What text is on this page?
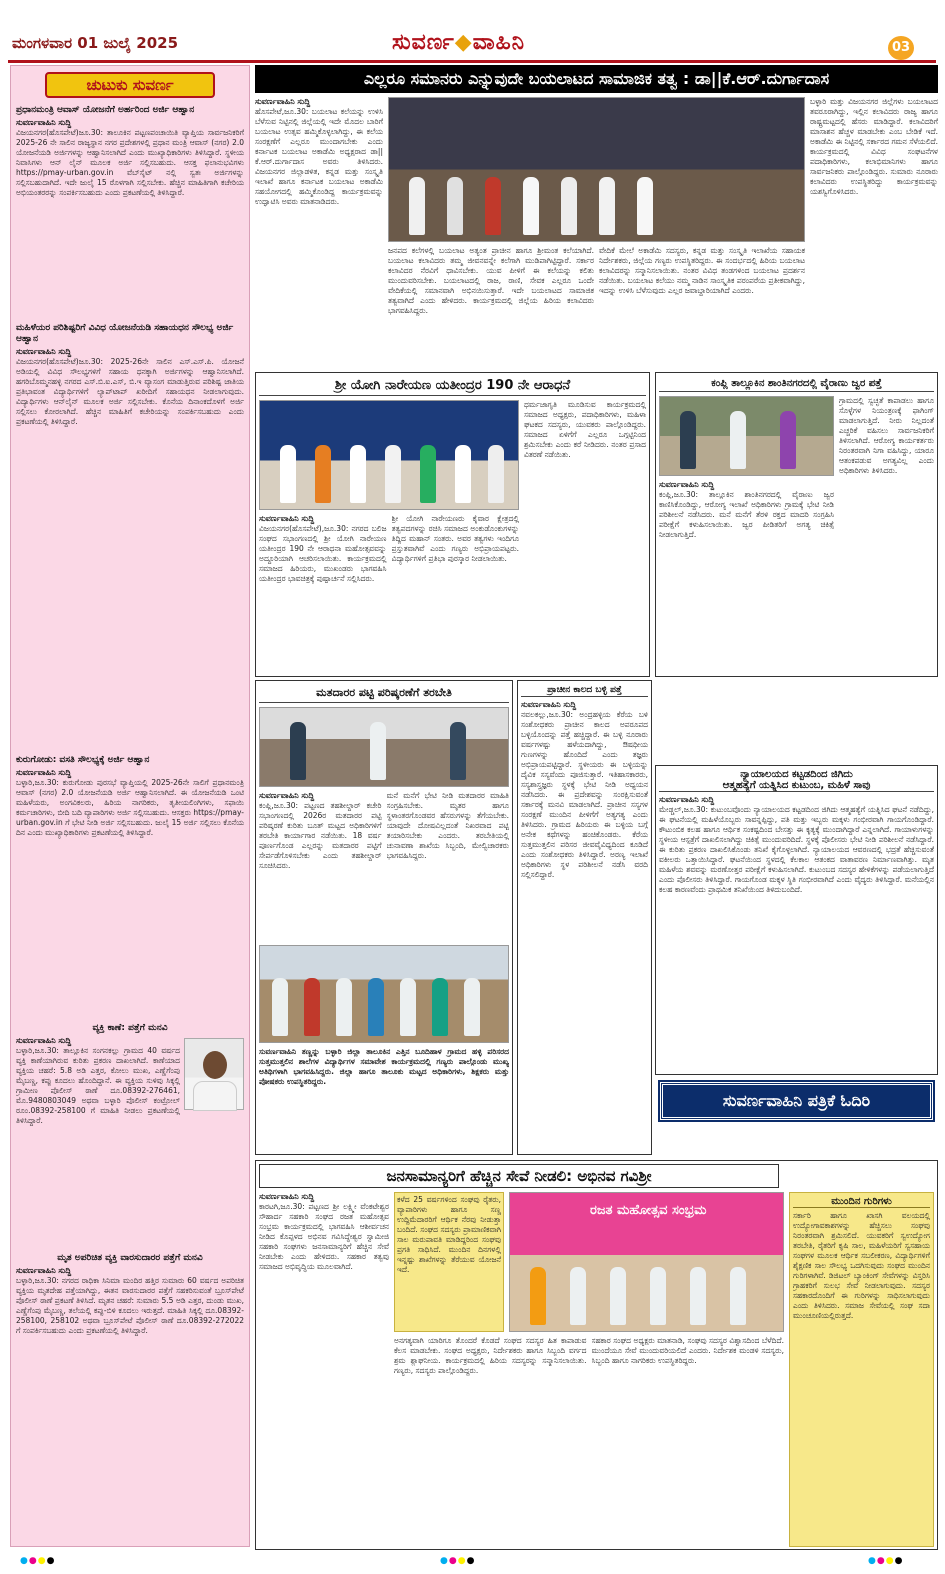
ಮಂಗಳವಾರ 01 ಜುಲೈ 2025	ಸುವರ್ಣ◆ವಾಹಿನಿ	03
ಚುಟುಕು ಸುವರ್ಣ
ಪ್ರಧಾನಮಂತ್ರಿ ಆವಾಸ್ ಯೋಜನೆಗೆ ಅರ್ಹರಿಂದ ಅರ್ಜಿ ಆಹ್ವಾನ
ಸುವರ್ಣವಾಹಿನಿ ಸುದ್ದಿ
ವಿಜಯನಗರ(ಹೊಸಪೇಟೆ)ಜೂ.30: ತಾಲೂಕಿನ ಪಟ್ಟಣಪಂಚಾಯಿತಿ ವ್ಯಾಪ್ತಿಯ ಸಾರ್ವಜನಿಕರಿಗೆ 2025-26 ನೇ ಸಾಲಿನ ರಾಜ್ಯಸ್ಥಾನ ನಗರ ಪ್ರದೇಶಗಳಲ್ಲಿ ಪ್ರಧಾನ ಮಂತ್ರಿ ಆವಾಸ್ (ನಗರ) 2.0 ಯೋಜನೆಯಡಿ ಅರ್ಜಿಗಳನ್ನು ಆಹ್ವಾನಿಸಲಾಗಿದೆ ಎಂದು ಮುಖ್ಯಾಧಿಕಾರಿಗಳು ತಿಳಿಸಿದ್ದಾರೆ. ಸ್ಥಳೀಯ ನಿವಾಸಿಗಳು ಆನ್ ಲೈನ್ ಮೂಲಕ ಅರ್ಜಿ ಸಲ್ಲಿಸಬಹುದು. ಆಸಕ್ತ ಫಲಾನುಭವಿಗಳು https://pmay-urban.gov.in ವೆಬ್‌ಸೈಟ್ ನಲ್ಲಿ ಸ್ವತಃ ಅರ್ಜಿಗಳನ್ನು ಸಲ್ಲಿಸಬಹುದಾಗಿದೆ. ಇದೇ ಜುಲೈ 15 ರೊಳಗಾಗಿ ಸಲ್ಲಿಸಬೇಕು. ಹೆಚ್ಚಿನ ಮಾಹಿತಿಗಾಗಿ ಕಚೇರಿಯ ಅಭಿಯಂತರರನ್ನು ಸಂಪರ್ಕಿಸಬಹುದು ಎಂದು ಪ್ರಕಟಣೆಯಲ್ಲಿ ತಿಳಿಸಿದ್ದಾರೆ.
ಮಹಿಳೆಯರ ಪರಿಶಿಷ್ಟರಿಗೆ ವಿವಿಧ ಯೋಜನೆಯಡಿ ಸಹಾಯಧನ ಸೌಲಭ್ಯ ಅರ್ಜಿ ಆಹ್ವಾನ
ಸುವರ್ಣವಾಹಿನಿ ಸುದ್ದಿ
ವಿಜಯನಗರ(ಹೊಸಪೇಟೆ)ಜೂ.30: 2025-26ನೇ ಸಾಲಿನ ಎಸ್.ಎಸ್.ಪಿ. ಯೋಜನೆ ಅಡಿಯಲ್ಲಿ ವಿವಿಧ ಸೌಲಭ್ಯಗಳಿಗೆ ಸಹಾಯ ಧನಕ್ಕಾಗಿ ಅರ್ಜಿಗಳನ್ನು ಆಹ್ವಾನಿಸಲಾಗಿದೆ. ಹಗರಿಬೊಮ್ಮನಹಳ್ಳಿ ನಗರದ ಎಸ್.ಬಿ.ಐ.ಎಸ್, ಬಿ.ಇ ವ್ಯಾಸಂಗ ಮಾಡುತ್ತಿರುವ ಪರಿಶಿಷ್ಟ ಜಾತಿಯ ಪ್ರತಿಭಾವಂತ ವಿದ್ಯಾರ್ಥಿಗಳಿಗೆ ಲ್ಯಾಪ್‌ಟಾಪ್ ಖರೀದಿಗೆ ಸಹಾಯಧನ ನೀಡಲಾಗುವುದು. ವಿದ್ಯಾರ್ಥಿಗಳು ಆನ್‌ಲೈನ್ ಮೂಲಕ ಅರ್ಜಿ ಸಲ್ಲಿಸಬೇಕು. ಕೊನೆಯ ದಿನಾಂಕದೊಳಗೆ ಅರ್ಜಿ ಸಲ್ಲಿಸಲು ಕೋರಲಾಗಿದೆ. ಹೆಚ್ಚಿನ ಮಾಹಿತಿಗೆ ಕಚೇರಿಯನ್ನು ಸಂಪರ್ಕಿಸಬಹುದು ಎಂದು ಪ್ರಕಟಣೆಯಲ್ಲಿ ತಿಳಿಸಿದ್ದಾರೆ.
ಕುರುಗೋಡು: ವಸತಿ ಸೌಲಭ್ಯಕ್ಕೆ ಅರ್ಜಿ ಆಹ್ವಾನ
ಸುವರ್ಣವಾಹಿನಿ ಸುದ್ದಿ
ಬಳ್ಳಾರಿ,ಜೂ.30: ಕುರುಗೋಡು ಪುರಸಭೆ ವ್ಯಾಪ್ತಿಯಲ್ಲಿ 2025-26ನೇ ಸಾಲಿಗೆ ಪ್ರಧಾನಮಂತ್ರಿ ಆವಾಸ್ (ನಗರ) 2.0 ಯೋಜನೆಯಡಿ ಅರ್ಜಿ ಆಹ್ವಾನಿಸಲಾಗಿದೆ. ಈ ಯೋಜನೆಯಡಿ ಒಂಟಿ ಮಹಿಳೆಯರು, ಅಂಗವಿಕಲರು, ಹಿರಿಯ ನಾಗರಿಕರು, ತೃತೀಯಲಿಂಗಿಗಳು, ಸಫಾಯಿ ಕರ್ಮಚಾರಿಗಳು, ಬೀದಿ ಬದಿ ವ್ಯಾಪಾರಿಗಳು ಅರ್ಜಿ ಸಲ್ಲಿಸಬಹುದು. ಆಸಕ್ತರು https://pmay-urban.gov.in ಗೆ ಭೇಟಿ ನೀಡಿ ಅರ್ಜಿ ಸಲ್ಲಿಸಬಹುದು. ಜುಲೈ 15 ಅರ್ಜಿ ಸಲ್ಲಿಸಲು ಕೊನೆಯ ದಿನ ಎಂದು ಮುಖ್ಯಾಧಿಕಾರಿಗಳು ಪ್ರಕಟಣೆಯಲ್ಲಿ ತಿಳಿಸಿದ್ದಾರೆ.
ವ್ಯಕ್ತಿ ಕಾಣೆ: ಪತ್ತೆಗೆ ಮನವಿ
ಸುವರ್ಣವಾಹಿನಿ ಸುದ್ದಿ
ಬಳ್ಳಾರಿ,ಜೂ.30: ತಾಲ್ಲೂಕಿನ ಸಂಗನಕಲ್ಲು ಗ್ರಾಮದ 40 ವರ್ಷದ ವ್ಯಕ್ತಿ ಕಾಣೆಯಾಗಿರುವ ಕುರಿತು ಪ್ರಕರಣ ದಾಖಲಾಗಿದೆ. ಕಾಣೆಯಾದ ವ್ಯಕ್ತಿಯ ಚಹರೆ: 5.8 ಅಡಿ ಎತ್ತರ, ಕೋಲು ಮುಖ, ಎಣ್ಣೆಗೆಂಪು ಮೈಬಣ್ಣ, ಕಪ್ಪು ಕೂದಲು ಹೊಂದಿದ್ದಾನೆ. ಈ ವ್ಯಕ್ತಿಯ ಸುಳಿವು ಸಿಕ್ಕಲ್ಲಿ ಗ್ರಾಮೀಣ ಪೊಲೀಸ್ ಠಾಣೆ ದೂ.08392-276461, ಮೊ.9480803049 ಅಥವಾ ಬಳ್ಳಾರಿ ಪೊಲೀಸ್ ಕಂಟ್ರೋಲ್ ರೂಂ.08392-258100 ಗೆ ಮಾಹಿತಿ ನೀಡಲು ಪ್ರಕಟಣೆಯಲ್ಲಿ ತಿಳಿಸಿದ್ದಾರೆ.
ಮೃತ ಅಪರಿಚಿತ ವ್ಯಕ್ತಿ ವಾರಸುದಾರರ ಪತ್ತೆಗೆ ಮನವಿ
ಸುವರ್ಣವಾಹಿನಿ ಸುದ್ದಿ
ಬಳ್ಳಾರಿ,ಜೂ.30: ನಗರದ ರಾಧಿಕಾ ಸಿನಿಮಾ ಮಂದಿರ ಹತ್ತಿರ ಸುಮಾರು 60 ವರ್ಷದ ಅಪರಿಚಿತ ವ್ಯಕ್ತಿಯ ಮೃತದೇಹ ಪತ್ತೆಯಾಗಿದ್ದು, ಈತನ ವಾರಸುದಾರರ ಪತ್ತೆಗೆ ಸಹಕರಿಸುವಂತೆ ಬ್ರೂಸ್‌ಪೇಟೆ ಪೊಲೀಸ್ ಠಾಣೆ ಪ್ರಕಟಣೆ ತಿಳಿಸಿದೆ. ಮೃತನ ಚಹರೆ: ಸುಮಾರು 5.5 ಅಡಿ ಎತ್ತರ, ದುಂಡು ಮುಖ, ಎಣ್ಣೆಗೆಂಪು ಮೈಬಣ್ಣ, ತಲೆಯಲ್ಲಿ ಕಪ್ಪು-ಬಿಳಿ ಕೂದಲು ಇರುತ್ತದೆ. ಮಾಹಿತಿ ಸಿಕ್ಕಲ್ಲಿ ದೂ.08392-258100, 258102 ಅಥವಾ ಬ್ರೂಸ್‌ಪೇಟೆ ಪೊಲೀಸ್ ಠಾಣೆ ದೂ.08392-272022 ಗೆ ಸಂಪರ್ಕಿಸಬಹುದು ಎಂದು ಪ್ರಕಟಣೆಯಲ್ಲಿ ತಿಳಿಸಿದ್ದಾರೆ.
ಎಲ್ಲರೂ ಸಮಾನರು ಎನ್ನುವುದೇ ಬಯಲಾಟದ ಸಾಮಾಜಿಕ ತತ್ವ : ಡಾ||ಕೆ.ಆರ್.ದುರ್ಗಾದಾಸ
ಸುವರ್ಣವಾಹಿನಿ ಸುದ್ದಿ
ಹೊಸಪೇಟೆ,ಜೂ.30: ಬಯಲಾಟ ಕಲೆಯನ್ನು ಉಳಿಸಿ ಬೆಳೆಸುವ ನಿಟ್ಟಿನಲ್ಲಿ ಜಿಲ್ಲೆಯಲ್ಲಿ ಇದೇ ಮೊದಲ ಬಾರಿಗೆ ಬಯಲಾಟ ಉತ್ಸವ ಹಮ್ಮಿಕೊಳ್ಳಲಾಗಿದ್ದು, ಈ ಕಲೆಯ ಸಂರಕ್ಷಣೆಗೆ ಎಲ್ಲರೂ ಮುಂದಾಗಬೇಕು ಎಂದು ಕರ್ನಾಟಕ ಬಯಲಾಟ ಅಕಾಡೆಮಿ ಅಧ್ಯಕ್ಷರಾದ ಡಾ||ಕೆ.ಆರ್.ದುರ್ಗಾದಾಸ ಅವರು ತಿಳಿಸಿದರು. ವಿಜಯನಗರ ಜಿಲ್ಲಾಡಳಿತ, ಕನ್ನಡ ಮತ್ತು ಸಂಸ್ಕೃತಿ ಇಲಾಖೆ ಹಾಗೂ ಕರ್ನಾಟಕ ಬಯಲಾಟ ಅಕಾಡೆಮಿ ಸಹಯೋಗದಲ್ಲಿ ಹಮ್ಮಿಕೊಂಡಿದ್ದ ಕಾರ್ಯಕ್ರಮವನ್ನು ಉದ್ಘಾಟಿಸಿ ಅವರು ಮಾತನಾಡಿದರು.
ಜನಪದ ಕಲೆಗಳಲ್ಲಿ ಬಯಲಾಟ ಅತ್ಯಂತ ಪ್ರಾಚೀನ ಹಾಗೂ ಶ್ರೀಮಂತ ಕಲೆಯಾಗಿದೆ. ಬಯಲಾಟ ಕಲಾವಿದರು ತಮ್ಮ ಜೀವನವನ್ನೇ ಕಲೆಗಾಗಿ ಮುಡಿಪಾಗಿಟ್ಟಿದ್ದಾರೆ. ಸರ್ಕಾರ ಕಲಾವಿದರ ನೆರವಿಗೆ ಧಾವಿಸಬೇಕು. ಯುವ ಪೀಳಿಗೆ ಈ ಕಲೆಯನ್ನು ಕಲಿತು ಮುಂದುವರಿಸಬೇಕು. ಬಯಲಾಟದಲ್ಲಿ ರಾಜ, ರಾಣಿ, ಸೇವಕ ಎಲ್ಲರೂ ಒಂದೇ ವೇದಿಕೆಯಲ್ಲಿ ಸಮಾನವಾಗಿ ಅಭಿನಯಿಸುತ್ತಾರೆ. ಇದೇ ಬಯಲಾಟದ ಸಾಮಾಜಿಕ ತತ್ವವಾಗಿದೆ ಎಂದು ಹೇಳಿದರು. ಕಾರ್ಯಕ್ರಮದಲ್ಲಿ ಜಿಲ್ಲೆಯ ಹಿರಿಯ ಕಲಾವಿದರು ಭಾಗವಹಿಸಿದ್ದರು.
ವೇದಿಕೆ ಮೇಲೆ ಅಕಾಡೆಮಿ ಸದಸ್ಯರು, ಕನ್ನಡ ಮತ್ತು ಸಂಸ್ಕೃತಿ ಇಲಾಖೆಯ ಸಹಾಯಕ ನಿರ್ದೇಶಕರು, ಜಿಲ್ಲೆಯ ಗಣ್ಯರು ಉಪಸ್ಥಿತರಿದ್ದರು. ಈ ಸಂದರ್ಭದಲ್ಲಿ ಹಿರಿಯ ಬಯಲಾಟ ಕಲಾವಿದರನ್ನು ಸನ್ಮಾನಿಸಲಾಯಿತು. ನಂತರ ವಿವಿಧ ತಂಡಗಳಿಂದ ಬಯಲಾಟ ಪ್ರದರ್ಶನ ನಡೆಯಿತು. ಬಯಲಾಟ ಕಲೆಯು ನಮ್ಮ ನಾಡಿನ ಸಾಂಸ್ಕೃತಿಕ ಪರಂಪರೆಯ ಪ್ರತೀಕವಾಗಿದ್ದು, ಇದನ್ನು ಉಳಿಸಿ ಬೆಳೆಸುವುದು ಎಲ್ಲರ ಜವಾಬ್ದಾರಿಯಾಗಿದೆ ಎಂದರು.
ಬಳ್ಳಾರಿ ಮತ್ತು ವಿಜಯನಗರ ಜಿಲ್ಲೆಗಳು ಬಯಲಾಟದ ತವರೂರಾಗಿದ್ದು, ಇಲ್ಲಿನ ಕಲಾವಿದರು ರಾಜ್ಯ ಹಾಗೂ ರಾಷ್ಟ್ರಮಟ್ಟದಲ್ಲಿ ಹೆಸರು ಮಾಡಿದ್ದಾರೆ. ಕಲಾವಿದರಿಗೆ ಮಾಸಾಶನ ಹೆಚ್ಚಳ ಮಾಡಬೇಕು ಎಂಬ ಬೇಡಿಕೆ ಇದೆ. ಅಕಾಡೆಮಿ ಈ ನಿಟ್ಟಿನಲ್ಲಿ ಸರ್ಕಾರದ ಗಮನ ಸೆಳೆಯಲಿದೆ. ಕಾರ್ಯಕ್ರಮದಲ್ಲಿ ವಿವಿಧ ಸಂಘಟನೆಗಳ ಪದಾಧಿಕಾರಿಗಳು, ಕಲಾಭಿಮಾನಿಗಳು ಹಾಗೂ ಸಾರ್ವಜನಿಕರು ಪಾಲ್ಗೊಂಡಿದ್ದರು. ಸುಮಾರು ನೂರಾರು ಕಲಾವಿದರು ಉಪಸ್ಥಿತರಿದ್ದು ಕಾರ್ಯಕ್ರಮವನ್ನು ಯಶಸ್ವಿಗೊಳಿಸಿದರು.
ಶ್ರೀ ಯೋಗಿ ನಾರೇಯಣ ಯತೀಂದ್ರರ 190 ನೇ ಆರಾಧನೆ
ಸುವರ್ಣವಾಹಿನಿ ಸುದ್ದಿ
ವಿಜಯನಗರ(ಹೊಸಪೇಟೆ),ಜೂ.30: ನಗರದ ಬಲಿಜ ಸಂಘದ ಸಭಾಂಗಣದಲ್ಲಿ ಶ್ರೀ ಯೋಗಿ ನಾರೇಯಣ ಯತೀಂದ್ರರ 190 ನೇ ಆರಾಧನಾ ಮಹೋತ್ಸವವನ್ನು ಅದ್ದೂರಿಯಾಗಿ ಆಚರಿಸಲಾಯಿತು. ಕಾರ್ಯಕ್ರಮದಲ್ಲಿ ಸಮಾಜದ ಹಿರಿಯರು, ಮುಖಂಡರು ಭಾಗವಹಿಸಿ ಯತೀಂದ್ರರ ಭಾವಚಿತ್ರಕ್ಕೆ ಪುಷ್ಪಾರ್ಚನೆ ಸಲ್ಲಿಸಿದರು.
ಶ್ರೀ ಯೋಗಿ ನಾರೇಯಣರು ಕೈವಾರ ಕ್ಷೇತ್ರದಲ್ಲಿ ತತ್ವಪದಗಳನ್ನು ರಚಿಸಿ ಸಮಾಜದ ಅಂಕುಡೊಂಕುಗಳನ್ನು ತಿದ್ದಿದ ಮಹಾನ್ ಸಂತರು. ಅವರ ತತ್ವಗಳು ಇಂದಿಗೂ ಪ್ರಸ್ತುತವಾಗಿವೆ ಎಂದು ಗಣ್ಯರು ಅಭಿಪ್ರಾಯಪಟ್ಟರು. ವಿದ್ಯಾರ್ಥಿಗಳಿಗೆ ಪ್ರತಿಭಾ ಪುರಸ್ಕಾರ ನೀಡಲಾಯಿತು.
ಧರ್ಮಜಾಗೃತಿ ಮೂಡಿಸುವ ಕಾರ್ಯಕ್ರಮದಲ್ಲಿ ಸಮಾಜದ ಅಧ್ಯಕ್ಷರು, ಪದಾಧಿಕಾರಿಗಳು, ಮಹಿಳಾ ಘಟಕದ ಸದಸ್ಯರು, ಯುವಕರು ಪಾಲ್ಗೊಂಡಿದ್ದರು. ಸಮಾಜದ ಏಳಿಗೆಗೆ ಎಲ್ಲರೂ ಒಗ್ಗಟ್ಟಿನಿಂದ ಶ್ರಮಿಸಬೇಕು ಎಂದು ಕರೆ ನೀಡಿದರು. ನಂತರ ಪ್ರಸಾದ ವಿತರಣೆ ನಡೆಯಿತು.
ಕಂಪ್ಲಿ ತಾಲ್ಲೂಕಿನ ಶಾಂತಿನಗರದಲ್ಲಿ ವೈರಾಣು ಜ್ವರ ಪತ್ತೆ
ಸುವರ್ಣವಾಹಿನಿ ಸುದ್ದಿ
ಕಂಪ್ಲಿ,ಜೂ.30: ತಾಲ್ಲೂಕಿನ ಶಾಂತಿನಗರದಲ್ಲಿ ವೈರಾಣು ಜ್ವರ ಕಾಣಿಸಿಕೊಂಡಿದ್ದು, ಆರೋಗ್ಯ ಇಲಾಖೆ ಅಧಿಕಾರಿಗಳು ಗ್ರಾಮಕ್ಕೆ ಭೇಟಿ ನೀಡಿ ಪರಿಶೀಲನೆ ನಡೆಸಿದರು. ಮನೆ ಮನೆಗೆ ತೆರಳಿ ರಕ್ತದ ಮಾದರಿ ಸಂಗ್ರಹಿಸಿ ಪರೀಕ್ಷೆಗೆ ಕಳುಹಿಸಲಾಯಿತು. ಜ್ವರ ಪೀಡಿತರಿಗೆ ಅಗತ್ಯ ಚಿಕಿತ್ಸೆ ನೀಡಲಾಗುತ್ತಿದೆ.
ಗ್ರಾಮದಲ್ಲಿ ಸ್ವಚ್ಛತೆ ಕಾಪಾಡಲು ಹಾಗೂ ಸೊಳ್ಳೆಗಳ ನಿಯಂತ್ರಣಕ್ಕೆ ಫಾಗಿಂಗ್ ಮಾಡಲಾಗುತ್ತಿದೆ. ನೀರು ನಿಲ್ಲದಂತೆ ಎಚ್ಚರಿಕೆ ವಹಿಸಲು ಸಾರ್ವಜನಿಕರಿಗೆ ತಿಳಿಸಲಾಗಿದೆ. ಆರೋಗ್ಯ ಕಾರ್ಯಕರ್ತರು ನಿರಂತರವಾಗಿ ನಿಗಾ ವಹಿಸಿದ್ದು, ಯಾರೂ ಆತಂಕಪಡುವ ಅಗತ್ಯವಿಲ್ಲ ಎಂದು ಅಧಿಕಾರಿಗಳು ತಿಳಿಸಿದರು.
ಮತದಾರರ ಪಟ್ಟಿ ಪರಿಷ್ಕರಣೆಗೆ ತರಬೇತಿ
ಸುವರ್ಣವಾಹಿನಿ ಸುದ್ದಿ
ಕಂಪ್ಲಿ,ಜೂ.30: ಪಟ್ಟಣದ ತಹಶೀಲ್ದಾರ್ ಕಚೇರಿ ಸಭಾಂಗಣದಲ್ಲಿ 2026ರ ಮತದಾರರ ಪಟ್ಟಿ ಪರಿಷ್ಕರಣೆ ಕುರಿತು ಬೂತ್ ಮಟ್ಟದ ಅಧಿಕಾರಿಗಳಿಗೆ ತರಬೇತಿ ಕಾರ್ಯಾಗಾರ ನಡೆಯಿತು. 18 ವರ್ಷ ಪೂರ್ಣಗೊಂಡ ಎಲ್ಲರನ್ನು ಮತದಾರರ ಪಟ್ಟಿಗೆ ಸೇರ್ಪಡೆಗೊಳಿಸಬೇಕು ಎಂದು ತಹಶೀಲ್ದಾರ್ ಸೂಚಿಸಿದರು.
ಮನೆ ಮನೆಗೆ ಭೇಟಿ ನೀಡಿ ಮತದಾರರ ಮಾಹಿತಿ ಸಂಗ್ರಹಿಸಬೇಕು. ಮೃತರ ಹಾಗೂ ಸ್ಥಳಾಂತರಗೊಂಡವರ ಹೆಸರುಗಳನ್ನು ತೆಗೆಯಬೇಕು. ಯಾವುದೇ ದೋಷವಿಲ್ಲದಂತೆ ನಿಖರವಾದ ಪಟ್ಟಿ ತಯಾರಿಸಬೇಕು ಎಂದರು. ತರಬೇತಿಯಲ್ಲಿ ಚುನಾವಣಾ ಶಾಖೆಯ ಸಿಬ್ಬಂದಿ, ಮೇಲ್ವಿಚಾರಕರು ಭಾಗವಹಿಸಿದ್ದರು.
ಸುವರ್ಣವಾಹಿನಿ ತಣ್ಣನ್ನು ಬಳ್ಳಾರಿ ಜಿಲ್ಲಾ ತಾಲೂಕಿನ ಎತ್ತಿನ ಬೂದಿಹಾಳ ಗ್ರಾಮದ ಹಳ್ಳಿ ಪರಿಸರದ ಸುತ್ತಮುತ್ತಲಿನ ಶಾಲೆಗಳ ವಿದ್ಯಾರ್ಥಿಗಳ ಸಮಾವೇಶ ಕಾರ್ಯಕ್ರಮದಲ್ಲಿ ಗಣ್ಯರು ಪಾಲ್ಗೊಂಡು ಮುಖ್ಯ ಅತಿಥಿಗಳಾಗಿ ಭಾಗವಹಿಸಿದ್ದರು. ಜಿಲ್ಲಾ ಹಾಗೂ ತಾಲೂಕು ಮಟ್ಟದ ಅಧಿಕಾರಿಗಳು, ಶಿಕ್ಷಕರು ಮತ್ತು ಪೋಷಕರು ಉಪಸ್ಥಿತರಿದ್ದರು.
ಪ್ರಾಚೀನ ಕಾಲದ ಬಳ್ಳಿ ಪತ್ತೆ
ಸುವರ್ಣವಾಹಿನಿ ಸುದ್ದಿ
ನವಲಕಲ್ಲು,ಜೂ.30: ಅಂದ್ರಹಳ್ಳಿಯ ಕೆರೆಯ ಬಳಿ ಸಂಶೋಧಕರು ಪ್ರಾಚೀನ ಕಾಲದ ಅಪರೂಪದ ಬಳ್ಳಿಯೊಂದನ್ನು ಪತ್ತೆ ಹಚ್ಚಿದ್ದಾರೆ. ಈ ಬಳ್ಳಿ ನೂರಾರು ವರ್ಷಗಳಷ್ಟು ಹಳೆಯದಾಗಿದ್ದು, ಔಷಧೀಯ ಗುಣಗಳನ್ನು ಹೊಂದಿದೆ ಎಂದು ತಜ್ಞರು ಅಭಿಪ್ರಾಯಪಟ್ಟಿದ್ದಾರೆ. ಸ್ಥಳೀಯರು ಈ ಬಳ್ಳಿಯನ್ನು ದೈವಿಕ ಸಸ್ಯವೆಂದು ಪೂಜಿಸುತ್ತಾರೆ. ಇತಿಹಾಸಕಾರರು, ಸಸ್ಯಶಾಸ್ತ್ರಜ್ಞರು ಸ್ಥಳಕ್ಕೆ ಭೇಟಿ ನೀಡಿ ಅಧ್ಯಯನ ನಡೆಸಿದರು. ಈ ಪ್ರದೇಶವನ್ನು ಸಂರಕ್ಷಿಸುವಂತೆ ಸರ್ಕಾರಕ್ಕೆ ಮನವಿ ಮಾಡಲಾಗಿದೆ. ಪ್ರಾಚೀನ ಸಸ್ಯಗಳ ಸಂರಕ್ಷಣೆ ಮುಂದಿನ ಪೀಳಿಗೆಗೆ ಅತ್ಯಗತ್ಯ ಎಂದು ತಿಳಿಸಿದರು. ಗ್ರಾಮದ ಹಿರಿಯರು ಈ ಬಳ್ಳಿಯ ಬಗ್ಗೆ ಅನೇಕ ಕಥೆಗಳನ್ನು ಹಂಚಿಕೊಂಡರು. ಕೆರೆಯ ಸುತ್ತಮುತ್ತಲಿನ ಪರಿಸರ ಜೀವವೈವಿಧ್ಯದಿಂದ ಕೂಡಿದೆ ಎಂದು ಸಂಶೋಧಕರು ತಿಳಿಸಿದ್ದಾರೆ. ಅರಣ್ಯ ಇಲಾಖೆ ಅಧಿಕಾರಿಗಳು ಸ್ಥಳ ಪರಿಶೀಲನೆ ನಡೆಸಿ ವರದಿ ಸಲ್ಲಿಸಲಿದ್ದಾರೆ.
ನ್ಯಾಯಾಲಯದ ಕಟ್ಟಡದಿಂದ ಜಿಗಿದು
ಆತ್ಮಹತ್ಯೆಗೆ ಯತ್ನಿಸಿದ ಕುಟುಂಬ, ಮಹಿಳೆ ಸಾವು
ಸುವರ್ಣವಾಹಿನಿ ಸುದ್ದಿ
ಮೇಡ್ಚಲ್,ಜೂ.30: ಕುಟುಂಬವೊಂದು ನ್ಯಾಯಾಲಯದ ಕಟ್ಟಡದಿಂದ ಜಿಗಿದು ಆತ್ಮಹತ್ಯೆಗೆ ಯತ್ನಿಸಿದ ಘಟನೆ ನಡೆದಿದ್ದು, ಈ ಘಟನೆಯಲ್ಲಿ ಮಹಿಳೆಯೊಬ್ಬರು ಸಾವನ್ನಪ್ಪಿದ್ದು, ಪತಿ ಮತ್ತು ಇಬ್ಬರು ಮಕ್ಕಳು ಗಂಭೀರವಾಗಿ ಗಾಯಗೊಂಡಿದ್ದಾರೆ. ಕೌಟುಂಬಿಕ ಕಲಹ ಹಾಗೂ ಆರ್ಥಿಕ ಸಂಕಷ್ಟದಿಂದ ಬೇಸತ್ತು ಈ ಕೃತ್ಯಕ್ಕೆ ಮುಂದಾಗಿದ್ದಾರೆ ಎನ್ನಲಾಗಿದೆ. ಗಾಯಾಳುಗಳನ್ನು ಸ್ಥಳೀಯ ಆಸ್ಪತ್ರೆಗೆ ದಾಖಲಿಸಲಾಗಿದ್ದು ಚಿಕಿತ್ಸೆ ಮುಂದುವರಿದಿದೆ. ಸ್ಥಳಕ್ಕೆ ಪೊಲೀಸರು ಭೇಟಿ ನೀಡಿ ಪರಿಶೀಲನೆ ನಡೆಸಿದ್ದಾರೆ. ಈ ಕುರಿತು ಪ್ರಕರಣ ದಾಖಲಿಸಿಕೊಂಡು ತನಿಖೆ ಕೈಗೊಳ್ಳಲಾಗಿದೆ. ನ್ಯಾಯಾಲಯದ ಆವರಣದಲ್ಲಿ ಭದ್ರತೆ ಹೆಚ್ಚಿಸುವಂತೆ ವಕೀಲರು ಒತ್ತಾಯಿಸಿದ್ದಾರೆ. ಘಟನೆಯಿಂದ ಸ್ಥಳದಲ್ಲಿ ಕೆಲಕಾಲ ಆತಂಕದ ವಾತಾವರಣ ನಿರ್ಮಾಣವಾಗಿತ್ತು. ಮೃತ ಮಹಿಳೆಯ ಶವವನ್ನು ಮರಣೋತ್ತರ ಪರೀಕ್ಷೆಗೆ ಕಳುಹಿಸಲಾಗಿದೆ. ಕುಟುಂಬದ ಸದಸ್ಯರ ಹೇಳಿಕೆಗಳನ್ನು ಪಡೆಯಲಾಗುತ್ತಿದೆ ಎಂದು ಪೊಲೀಸರು ತಿಳಿಸಿದ್ದಾರೆ. ಗಾಯಗೊಂಡ ಮಕ್ಕಳ ಸ್ಥಿತಿ ಗಂಭೀರವಾಗಿದೆ ಎಂದು ವೈದ್ಯರು ತಿಳಿಸಿದ್ದಾರೆ. ಮನೆಯಲ್ಲಿನ ಕಲಹ ಕಾರಣವೆಂದು ಪ್ರಾಥಮಿಕ ತನಿಖೆಯಿಂದ ತಿಳಿದುಬಂದಿದೆ.
ಸುವರ್ಣವಾಹಿನಿ ಪತ್ರಿಕೆ ಓದಿರಿ
ಜನಸಾಮಾನ್ಯರಿಗೆ ಹೆಚ್ಚಿನ ಸೇವೆ ನೀಡಲಿ: ಅಭಿನವ ಗವಿಶ್ರೀ
ಸುವರ್ಣವಾಹಿನಿ ಸುದ್ದಿ
ಕಾರಟಗಿ,ಜೂ.30: ಪಟ್ಟಣದ ಶ್ರೀ ಲಕ್ಷ್ಮೀ ವೆಂಕಟೇಶ್ವರ ಸೌಹಾರ್ದ ಸಹಕಾರಿ ಸಂಘದ ರಜತ ಮಹೋತ್ಸವ ಸಂಭ್ರಮ ಕಾರ್ಯಕ್ರಮದಲ್ಲಿ ಭಾಗವಹಿಸಿ ಆಶೀರ್ವಚನ ನೀಡಿದ ಕೊಪ್ಪಳದ ಅಭಿನವ ಗವಿಸಿದ್ಧೇಶ್ವರ ಸ್ವಾಮೀಜಿ ಸಹಕಾರಿ ಸಂಘಗಳು ಜನಸಾಮಾನ್ಯರಿಗೆ ಹೆಚ್ಚಿನ ಸೇವೆ ನೀಡಬೇಕು ಎಂದು ಹೇಳಿದರು. ಸಹಕಾರ ತತ್ವವು ಸಮಾಜದ ಅಭಿವೃದ್ಧಿಯ ಮೂಲವಾಗಿದೆ.
ಕಳೆದ 25 ವರ್ಷಗಳಿಂದ ಸಂಘವು ರೈತರು, ವ್ಯಾಪಾರಿಗಳು ಹಾಗೂ ಸಣ್ಣ ಉದ್ದಿಮೆದಾರರಿಗೆ ಆರ್ಥಿಕ ನೆರವು ನೀಡುತ್ತಾ ಬಂದಿದೆ. ಸಂಘದ ಸದಸ್ಯರು ಪ್ರಾಮಾಣಿಕವಾಗಿ ಸಾಲ ಮರುಪಾವತಿ ಮಾಡಿದ್ದರಿಂದ ಸಂಘವು ಪ್ರಗತಿ ಸಾಧಿಸಿದೆ. ಮುಂದಿನ ದಿನಗಳಲ್ಲಿ ಇನ್ನಷ್ಟು ಶಾಖೆಗಳನ್ನು ತೆರೆಯುವ ಯೋಜನೆ ಇದೆ.
ರಜತ ಮಹೋತ್ಸವ ಸಂಭ್ರಮ
ಅನಗತ್ಯವಾಗಿ ಯಾರಿಗೂ ತೊಂದರೆ ಕೊಡದೆ ಸಂಘದ ಸದಸ್ಯರ ಹಿತ ಕಾಪಾಡುವ ಕೆಲಸ ಮಾಡಬೇಕು. ಸಂಘದ ಅಧ್ಯಕ್ಷರು, ನಿರ್ದೇಶಕರು ಹಾಗೂ ಸಿಬ್ಬಂದಿ ವರ್ಗದ ಶ್ರಮ ಶ್ಲಾಘನೀಯ. ಕಾರ್ಯಕ್ರಮದಲ್ಲಿ ಹಿರಿಯ ಸದಸ್ಯರನ್ನು ಸನ್ಮಾನಿಸಲಾಯಿತು. ಗಣ್ಯರು, ಸದಸ್ಯರು ಪಾಲ್ಗೊಂಡಿದ್ದರು.
ಸಹಕಾರ ಸಂಘದ ಅಧ್ಯಕ್ಷರು ಮಾತನಾಡಿ, ಸಂಘವು ಸದಸ್ಯರ ವಿಶ್ವಾಸದಿಂದ ಬೆಳೆದಿದೆ. ಮುಂದೆಯೂ ಸೇವೆ ಮುಂದುವರಿಯಲಿದೆ ಎಂದರು. ನಿರ್ದೇಶಕ ಮಂಡಳಿ ಸದಸ್ಯರು, ಸಿಬ್ಬಂದಿ ಹಾಗೂ ನಾಗರಿಕರು ಉಪಸ್ಥಿತರಿದ್ದರು.
ಮುಂದಿನ ಗುರಿಗಳು
ಸರ್ಕಾರಿ ಹಾಗೂ ಖಾಸಗಿ ವಲಯದಲ್ಲಿ ಉದ್ಯೋಗಾವಕಾಶಗಳನ್ನು ಹೆಚ್ಚಿಸಲು ಸಂಘವು ನಿರಂತರವಾಗಿ ಶ್ರಮಿಸಲಿದೆ. ಯುವಕರಿಗೆ ಸ್ವಉದ್ಯೋಗ ತರಬೇತಿ, ರೈತರಿಗೆ ಕೃಷಿ ಸಾಲ, ಮಹಿಳೆಯರಿಗೆ ಸ್ವಸಹಾಯ ಸಂಘಗಳ ಮೂಲಕ ಆರ್ಥಿಕ ಸಬಲೀಕರಣ, ವಿದ್ಯಾರ್ಥಿಗಳಿಗೆ ಶೈಕ್ಷಣಿಕ ಸಾಲ ಸೌಲಭ್ಯ ಒದಗಿಸುವುದು ಸಂಘದ ಮುಂದಿನ ಗುರಿಗಳಾಗಿವೆ. ಡಿಜಿಟಲ್ ಬ್ಯಾಂಕಿಂಗ್ ಸೇವೆಗಳನ್ನು ವಿಸ್ತರಿಸಿ ಗ್ರಾಹಕರಿಗೆ ಸುಲಭ ಸೇವೆ ನೀಡಲಾಗುವುದು. ಸದಸ್ಯರ ಸಹಕಾರದೊಂದಿಗೆ ಈ ಗುರಿಗಳನ್ನು ಸಾಧಿಸಲಾಗುವುದು ಎಂದು ತಿಳಿಸಿದರು. ಸಮಾಜ ಸೇವೆಯಲ್ಲಿ ಸಂಘ ಸದಾ ಮುಂಚೂಣಿಯಲ್ಲಿರುತ್ತದೆ.
●●●●	●●●●	●●●●
